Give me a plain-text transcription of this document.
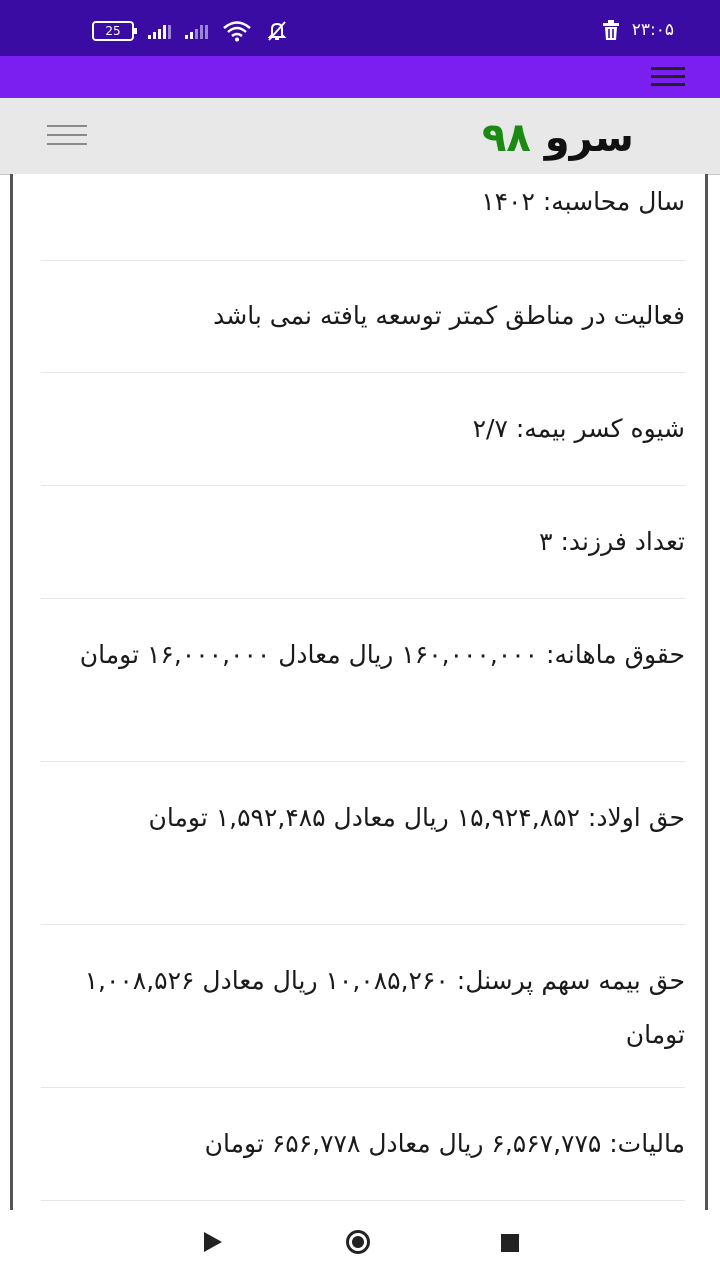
25	۲۳:۰۵
سرو ۹۸
سال محاسبه: ۱۴۰۲
فعالیت در مناطق کمتر توسعه یافته نمی باشد
شیوه کسر بیمه: ۲/۷
تعداد فرزند: ۳
حقوق ماهانه: ۱۶۰,۰۰۰,۰۰۰ ریال معادل ۱۶,۰۰۰,۰۰۰ تومان
حق اولاد: ۱۵,۹۲۴,۸۵۲ ریال معادل ۱,۵۹۲,۴۸۵ تومان
حق بیمه سهم پرسنل: ۱۰,۰۸۵,۲۶۰ ریال معادل ۱,۰۰۸,۵۲۶ تومان
مالیات: ۶,۵۶۷,۷۷۵ ریال معادل ۶۵۶,۷۷۸ تومان
